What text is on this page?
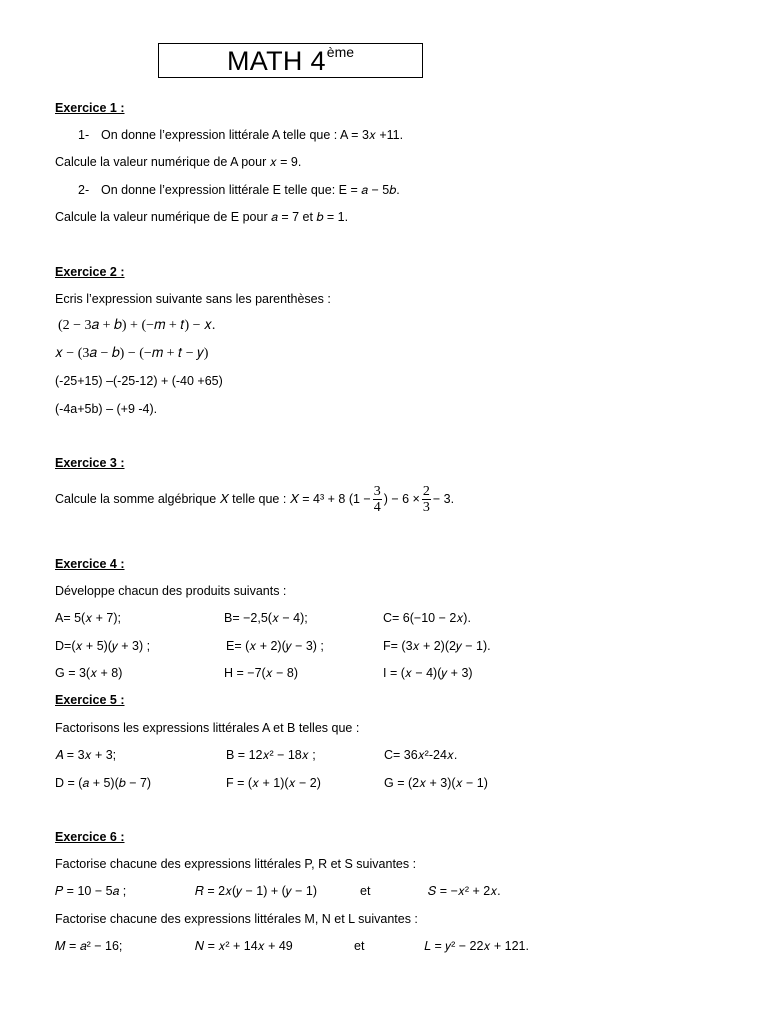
MATH 4ème
Exercice 1 :
1- On donne l’expression littérale A telle que : A = 3𝑥 +11.
Calcule la valeur numérique de A pour 𝑥 = 9.
2- On donne l’expression littérale E telle que: E = 𝑎 − 5𝑏.
Calcule la valeur numérique de E pour 𝑎 = 7 et 𝑏 = 1.
Exercice 2 :
Ecris l’expression suivante sans les parenthèses :
(2 − 3𝑎 + 𝑏) + (−𝑚 + 𝑡) − 𝑥.
𝑥 − (3𝑎 − 𝑏) − (−𝑚 + 𝑡 − 𝑦)
(-25+15) –(-25-12) + (-40 +65)
(-4a+5b) – (+9 -4).
Exercice 3 :
Calcule la somme algébrique 𝑋 telle que : 𝑋 = 4³ + 8 ($1 - \frac{3}{4}$ ) − $6 \times \frac{2}{3} - 3$.
Exercice 4 :
Développe chacun des produits suivants :
A= 5(𝑥 + 7);	B= −2,5(𝑥 − 4);	C= 6(−10 − 2𝑥).
D=(𝑥 + 5)(𝑦 + 3) ;	E= (𝑥 + 2)(𝑦 − 3) ;	F= (3𝑥 + 2)(2𝑦 − 1).
G = 3(𝑥 + 8)	H = −7(𝑥 − 8)	I = (𝑥 − 4)(𝑦 + 3)
Exercice 5 :
Factorisons les expressions littérales A et B telles que :
𝐴 = 3𝑥 + 3;	B = 12𝑥² − 18𝑥 ;	C= 36𝑥²-24𝑥.
D = (𝑎 + 5)(𝑏 − 7)	F = (𝑥 + 1)(𝑥 − 2)	G = (2𝑥 + 3)(𝑥 − 1)
Exercice 6 :
Factorise chacune des expressions littérales P, R et S suivantes :
𝑃 = 10 − 5𝑎 ;	𝑅 = 2𝑥(𝑦 − 1) + (𝑦 − 1)	et	𝑆 = −𝑥² + 2𝑥.
Factorise chacune des expressions littérales M, N et L suivantes :
𝑀 = 𝑎² − 16;	𝑁 = 𝑥² + 14𝑥 + 49	et	𝐿 = 𝑦² − 22𝑥 + 121.
